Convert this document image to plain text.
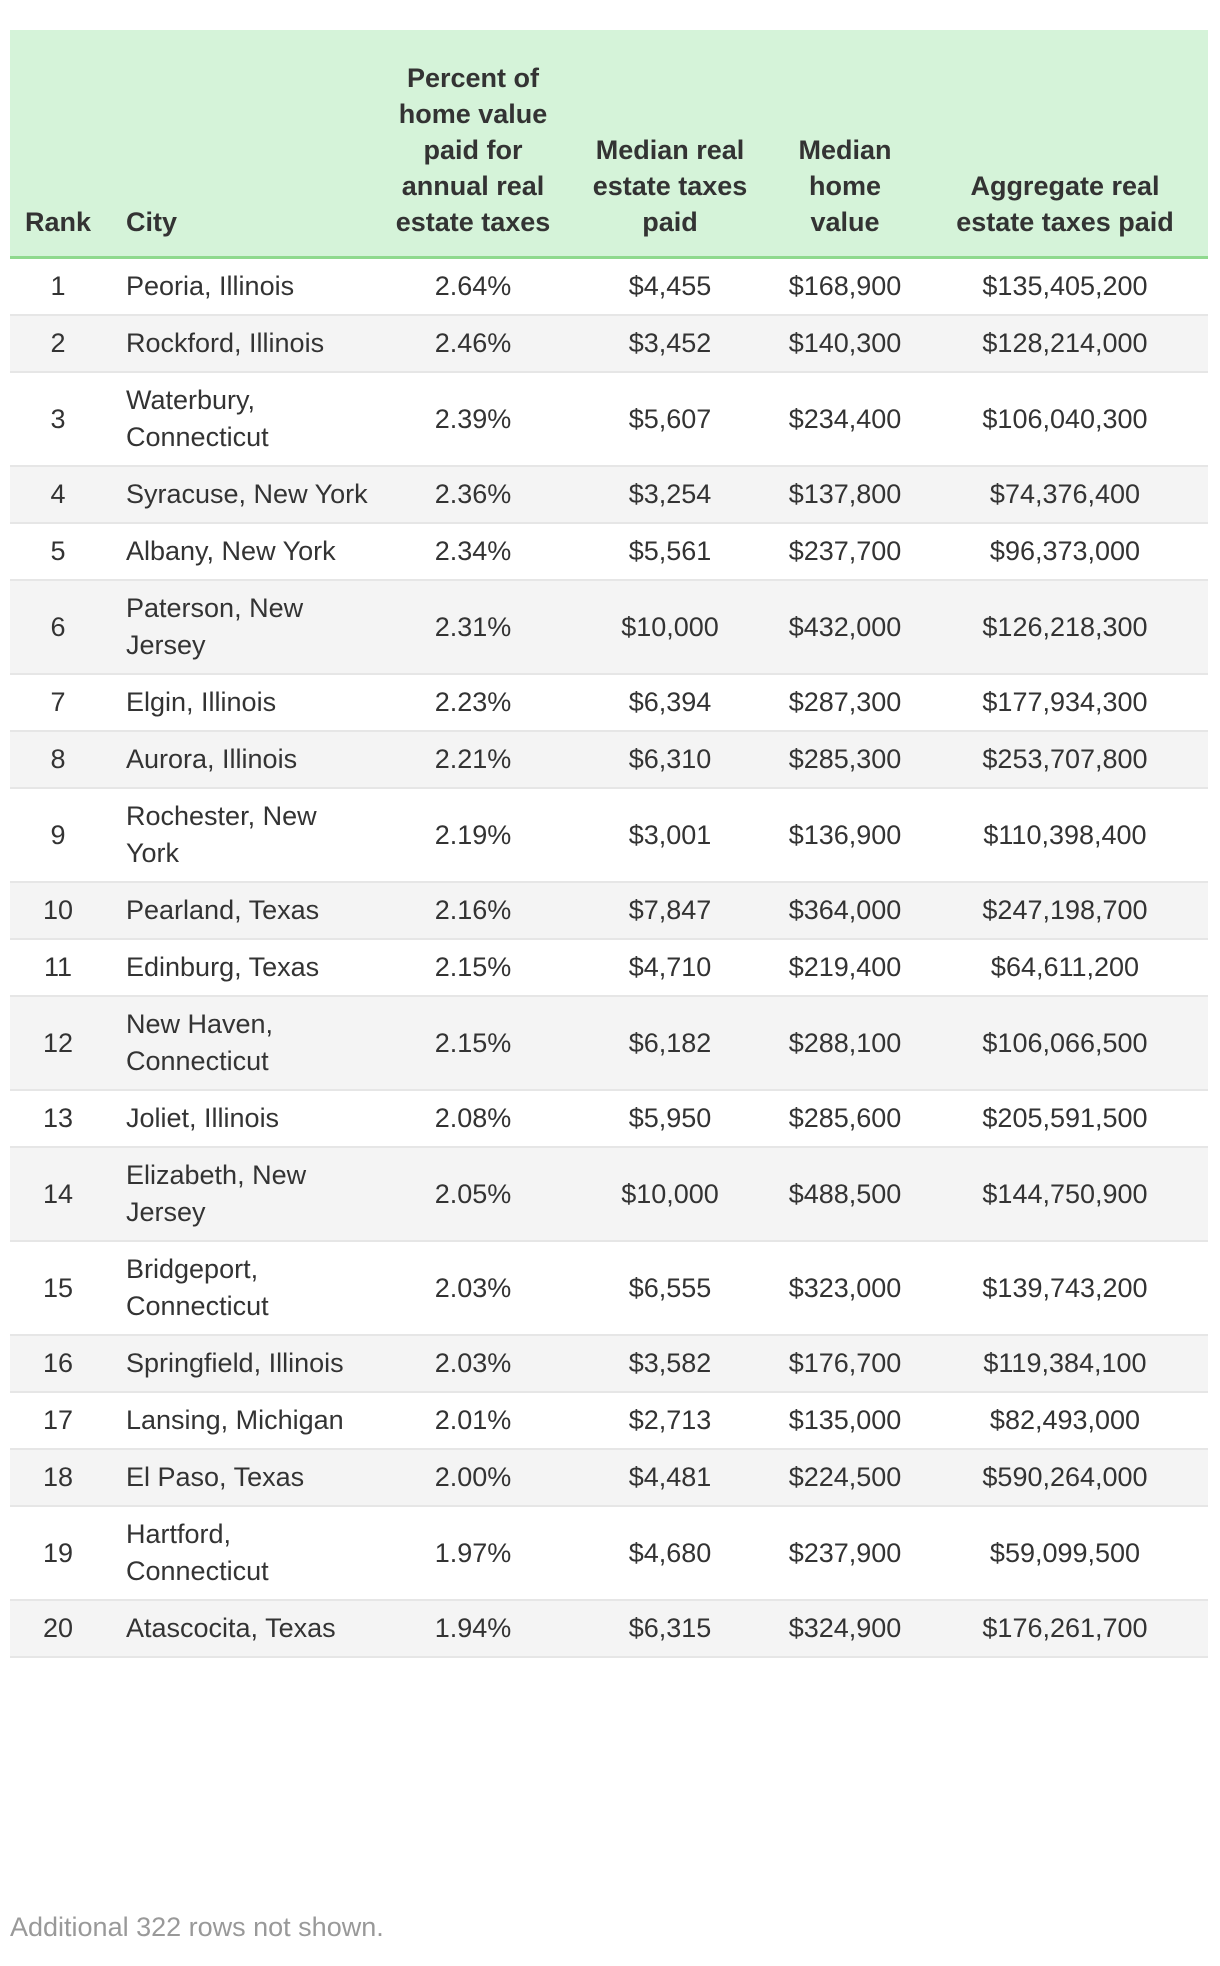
Rank	City	Percent of home value paid for annual real estate taxes	Median real estate taxes paid	Median home value	Aggregate real estate taxes paid
1	Peoria, Illinois	2.64%	$4,455	$168,900	$135,405,200
2	Rockford, Illinois	2.46%	$3,452	$140,300	$128,214,000
3	Waterbury, Connecticut	2.39%	$5,607	$234,400	$106,040,300
4	Syracuse, New York	2.36%	$3,254	$137,800	$74,376,400
5	Albany, New York	2.34%	$5,561	$237,700	$96,373,000
6	Paterson, New Jersey	2.31%	$10,000	$432,000	$126,218,300
7	Elgin, Illinois	2.23%	$6,394	$287,300	$177,934,300
8	Aurora, Illinois	2.21%	$6,310	$285,300	$253,707,800
9	Rochester, New York	2.19%	$3,001	$136,900	$110,398,400
10	Pearland, Texas	2.16%	$7,847	$364,000	$247,198,700
11	Edinburg, Texas	2.15%	$4,710	$219,400	$64,611,200
12	New Haven, Connecticut	2.15%	$6,182	$288,100	$106,066,500
13	Joliet, Illinois	2.08%	$5,950	$285,600	$205,591,500
14	Elizabeth, New Jersey	2.05%	$10,000	$488,500	$144,750,900
15	Bridgeport, Connecticut	2.03%	$6,555	$323,000	$139,743,200
16	Springfield, Illinois	2.03%	$3,582	$176,700	$119,384,100
17	Lansing, Michigan	2.01%	$2,713	$135,000	$82,493,000
18	El Paso, Texas	2.00%	$4,481	$224,500	$590,264,000
19	Hartford, Connecticut	1.97%	$4,680	$237,900	$59,099,500
20	Atascocita, Texas	1.94%	$6,315	$324,900	$176,261,700
Additional 322 rows not shown.
